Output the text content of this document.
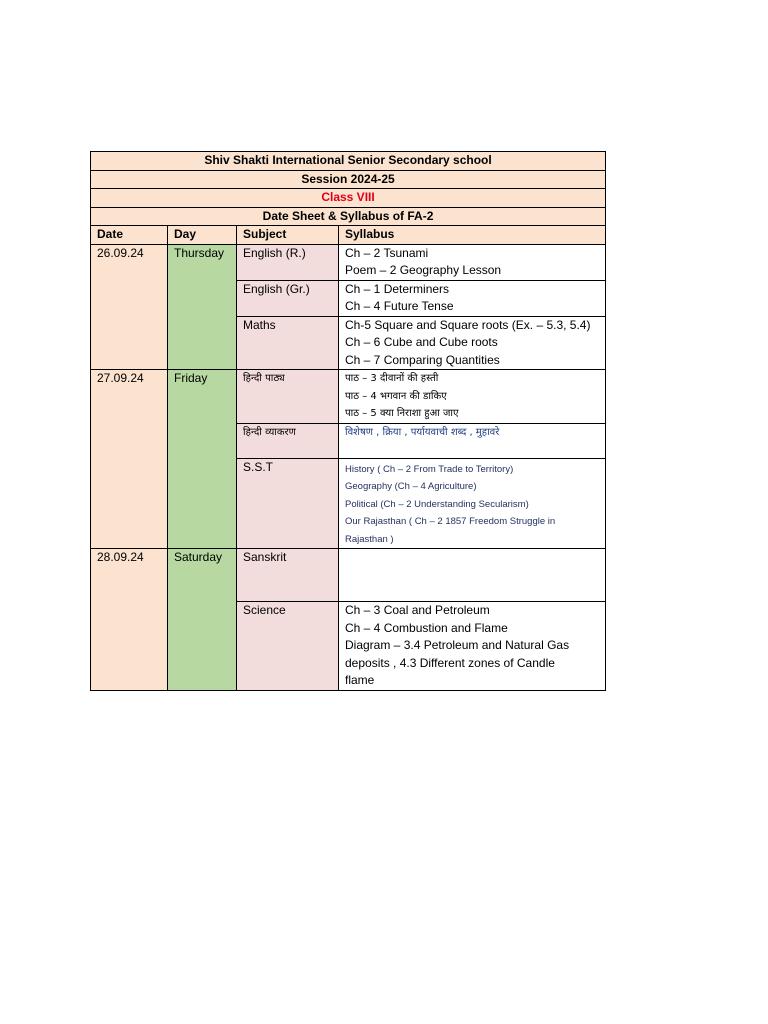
Shiv Shakti International Senior Secondary school			
Session 2024-25			
Class VIII			
Date Sheet & Syllabus of FA-2			
Date	Day	Subject	Syllabus
26.09.24	Thursday	English (R.)	Ch – 2 Tsunami
Poem – 2 Geography Lesson

		English (Gr.)	Ch – 1 Determiners
Ch – 4 Future Tense

		Maths	Ch-5 Square and Square roots (Ex. – 5.3, 5.4)
Ch – 6 Cube and Cube roots
Ch – 7 Comparing Quantities

27.09.24	Friday	हिन्दी पाठ्य	पाठ – 3 दीवानों की हस्ती
पाठ – 4 भगवान की डाकिए
पाठ – 5 क्या निराशा हुआ जाए

		हिन्दी व्याकरण	विशेषण , क्रिया , पर्यायवाची शब्द , मुहावरे

		S.S.T	History ( Ch – 2 From Trade to Territory)
Geography (Ch – 4 Agriculture)
Political (Ch – 2 Understanding Secularism)
Our Rajasthan ( Ch – 2 1857 Freedom Struggle in
Rajasthan )

28.09.24	Saturday	Sanskrit	
		Science	Ch – 3 Coal and Petroleum
Ch – 4 Combustion and Flame
Diagram – 3.4 Petroleum and Natural Gas
deposits , 4.3 Different zones of Candle
flame
